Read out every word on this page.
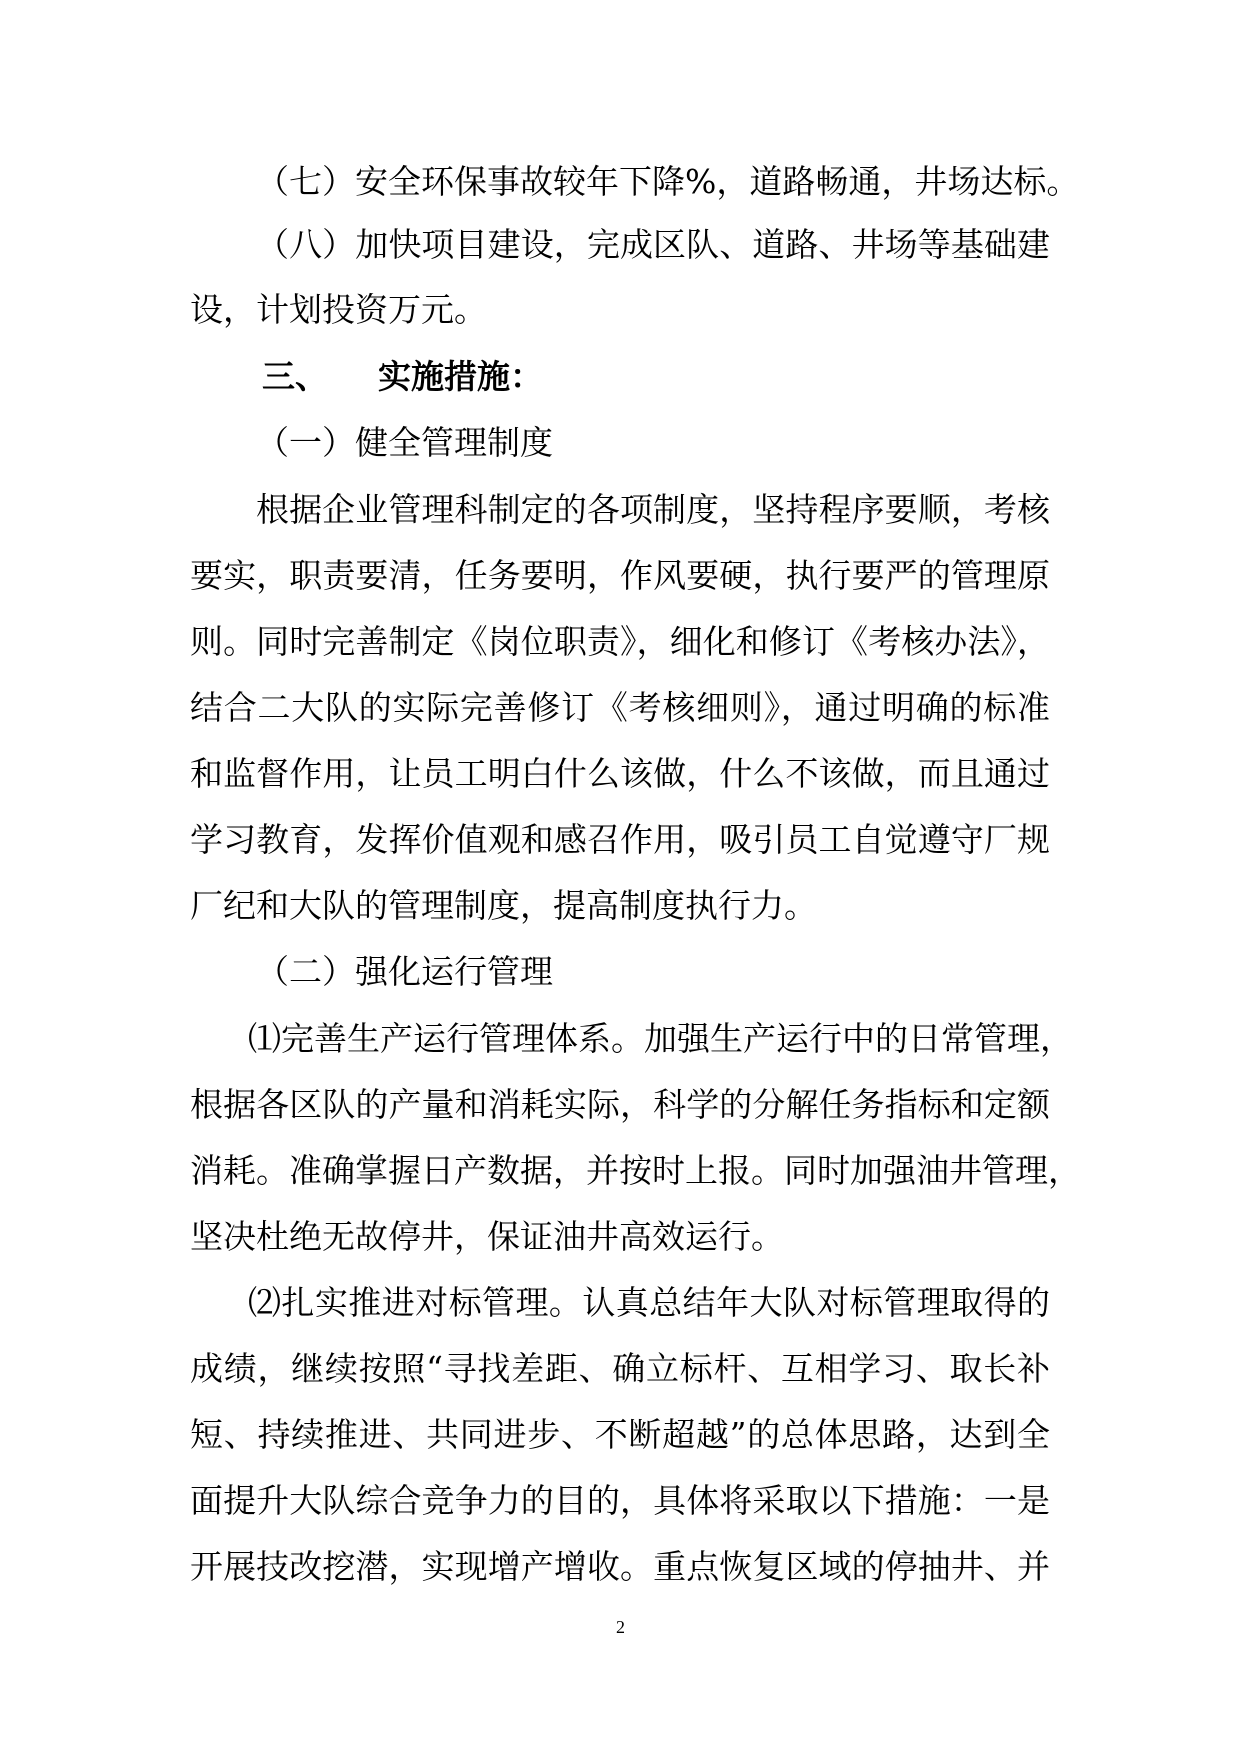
（七）安全环保事故较年下降%，道路畅通，井场达标。
（八）加快项目建设，完成区队、道路、井场等基础建
设，计划投资万元。
三、 实施措施：
（一）健全管理制度
根据企业管理科制定的各项制度，坚持程序要顺，考核
要实，职责要清，任务要明，作风要硬，执行要严的管理原
则。同时完善制定《岗位职责》，细化和修订《考核办法》，
结合二大队的实际完善修订《考核细则》，通过明确的标准
和监督作用，让员工明白什么该做，什么不该做，而且通过
学习教育，发挥价值观和感召作用，吸引员工自觉遵守厂规
厂纪和大队的管理制度，提高制度执行力。
（二）强化运行管理
⑴完善生产运行管理体系。加强生产运行中的日常管理，
根据各区队的产量和消耗实际，科学的分解任务指标和定额
消耗。准确掌握日产数据，并按时上报。同时加强油井管理，
坚决杜绝无故停井，保证油井高效运行。
⑵扎实推进对标管理。认真总结年大队对标管理取得的
成绩，继续按照“寻找差距、确立标杆、互相学习、取长补
短、持续推进、共同进步、不断超越”的总体思路，达到全
面提升大队综合竞争力的目的，具体将采取以下措施：一是
开展技改挖潜，实现增产增收。重点恢复区域的停抽井、并
2
